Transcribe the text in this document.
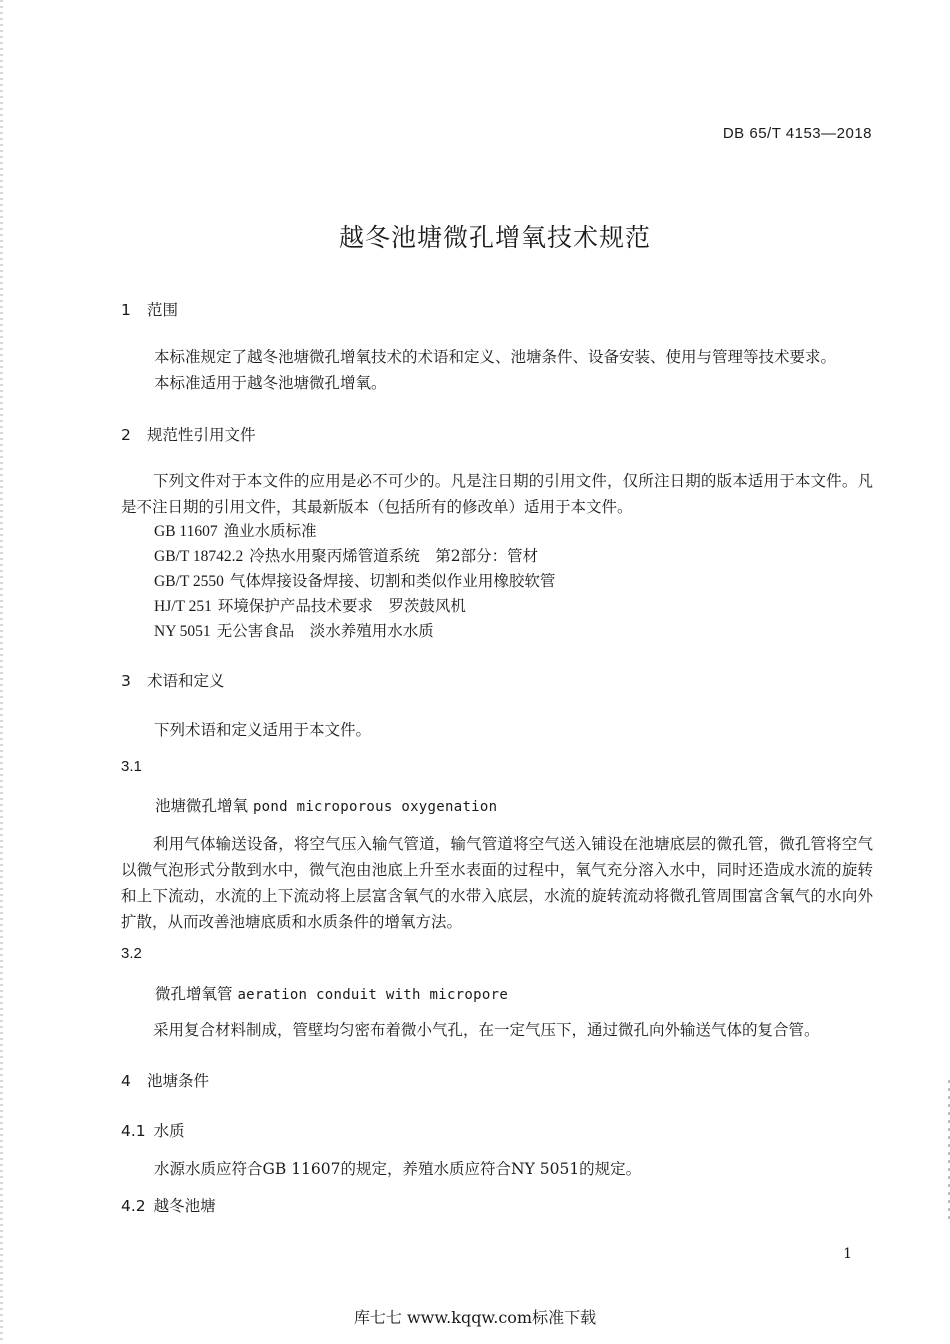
DB 65/T 4153—2018
越冬池塘微孔增氧技术规范
1 范围
本标准规定了越冬池塘微孔增氧技术的术语和定义、池塘条件、设备安装、使用与管理等技术要求。
本标准适用于越冬池塘微孔增氧。
2 规范性引用文件
下列文件对于本文件的应用是必不可少的。凡是注日期的引用文件，仅所注日期的版本适用于本文件。凡是不注日期的引用文件，其最新版本（包括所有的修改单）适用于本文件。
GB 11607 渔业水质标准
GB/T 18742.2 冷热水用聚丙烯管道系统　第2部分：管材
GB/T 2550 气体焊接设备焊接、切割和类似作业用橡胶软管
HJ/T 251 环境保护产品技术要求　罗茨鼓风机
NY 5051 无公害食品　淡水养殖用水水质
3 术语和定义
下列术语和定义适用于本文件。
3.1
池塘微孔增氧 pond microporous oxygenation
利用气体输送设备，将空气压入输气管道，输气管道将空气送入铺设在池塘底层的微孔管，微孔管将空气以微气泡形式分散到水中，微气泡由池底上升至水表面的过程中，氧气充分溶入水中，同时还造成水流的旋转和上下流动，水流的上下流动将上层富含氧气的水带入底层，水流的旋转流动将微孔管周围富含氧气的水向外扩散，从而改善池塘底质和水质条件的增氧方法。
3.2
微孔增氧管 aeration conduit with micropore
采用复合材料制成，管壁均匀密布着微小气孔，在一定气压下，通过微孔向外输送气体的复合管。
4 池塘条件
4.1 水质
水源水质应符合GB 11607的规定，养殖水质应符合NY 5051的规定。
4.2 越冬池塘
1
库七七 www.kqqw.com标准下载
